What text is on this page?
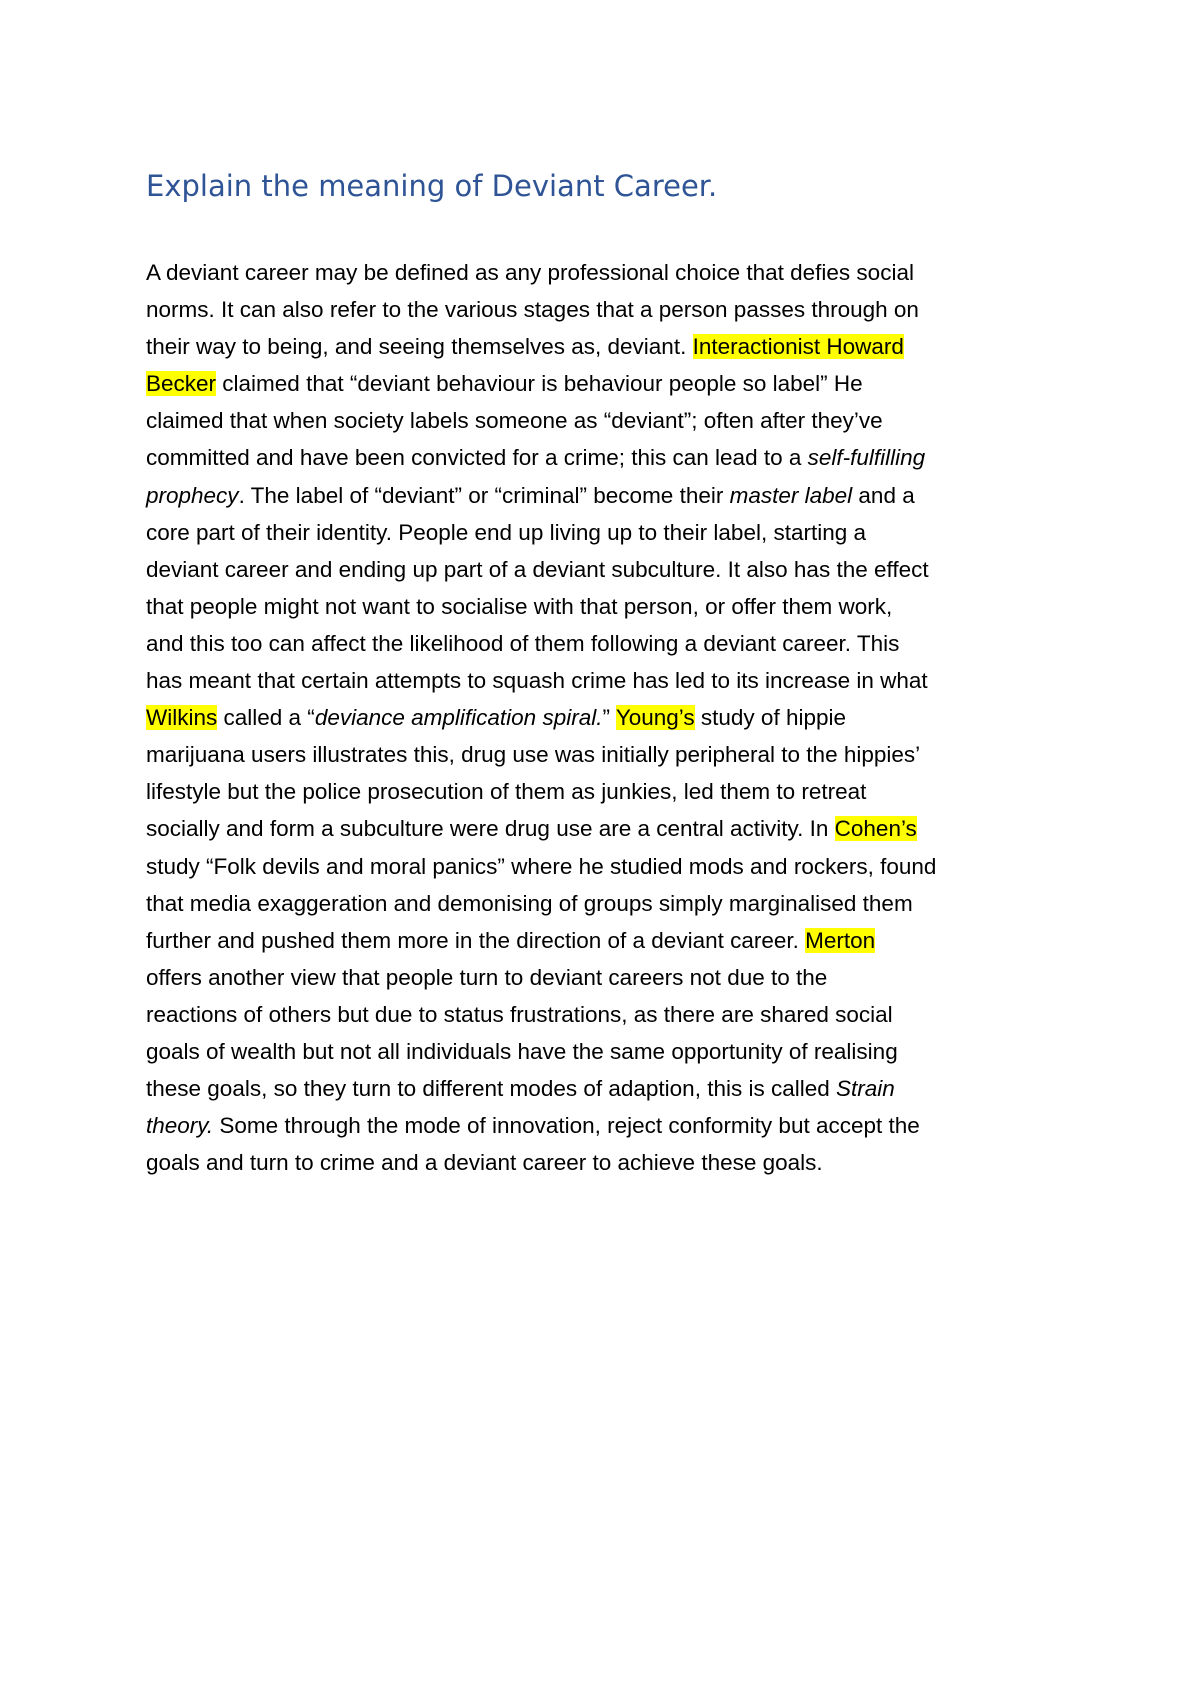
Explain the meaning of Deviant Career.
A deviant career may be defined as any professional choice that defies social
norms. It can also refer to the various stages that a person passes through on
their way to being, and seeing themselves as, deviant. Interactionist Howard
Becker claimed that “deviant behaviour is behaviour people so label” He
claimed that when society labels someone as “deviant”; often after they’ve
committed and have been convicted for a crime; this can lead to a self-fulfilling
prophecy. The label of “deviant” or “criminal” become their master label and a
core part of their identity. People end up living up to their label, starting a
deviant career and ending up part of a deviant subculture. It also has the effect
that people might not want to socialise with that person, or offer them work,
and this too can affect the likelihood of them following a deviant career. This
has meant that certain attempts to squash crime has led to its increase in what
Wilkins called a “deviance amplification spiral.” Young’s study of hippie
marijuana users illustrates this, drug use was initially peripheral to the hippies’
lifestyle but the police prosecution of them as junkies, led them to retreat
socially and form a subculture were drug use are a central activity. In Cohen’s
study “Folk devils and moral panics” where he studied mods and rockers, found
that media exaggeration and demonising of groups simply marginalised them
further and pushed them more in the direction of a deviant career. Merton
offers another view that people turn to deviant careers not due to the
reactions of others but due to status frustrations, as there are shared social
goals of wealth but not all individuals have the same opportunity of realising
these goals, so they turn to different modes of adaption, this is called Strain
theory. Some through the mode of innovation, reject conformity but accept the
goals and turn to crime and a deviant career to achieve these goals.
